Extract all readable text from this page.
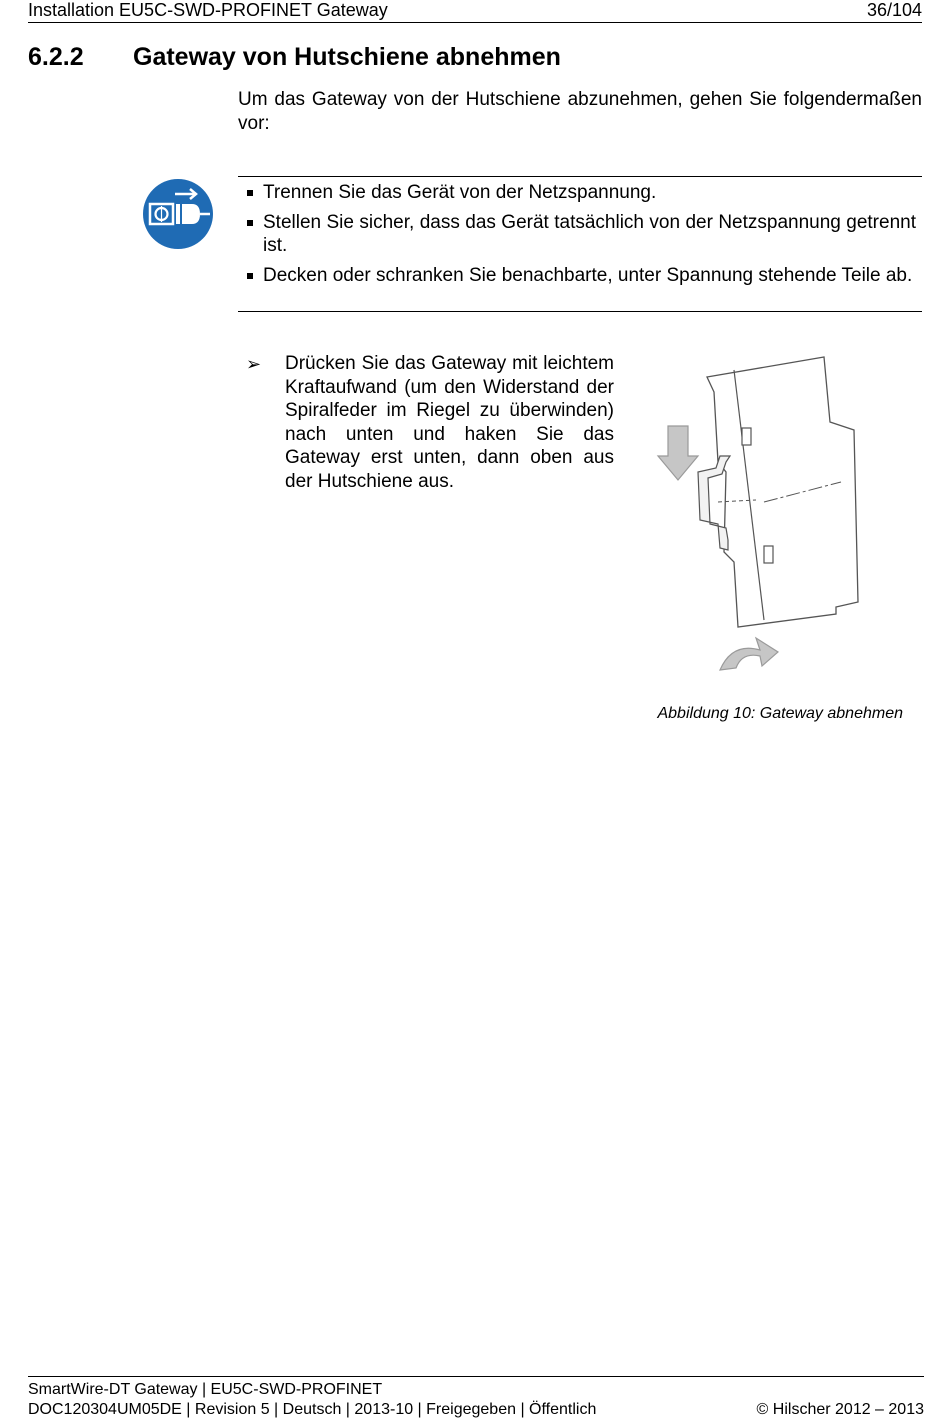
Installation EU5C-SWD-PROFINET Gateway	36/104
6.2.2 Gateway von Hutschiene abnehmen
Um das Gateway von der Hutschiene abzunehmen, gehen Sie folgendermaßen vor:
Trennen Sie das Gerät von der Netzspannung.
Stellen Sie sicher, dass das Gerät tatsächlich von der Netzspannung getrennt ist.
Decken oder schranken Sie benachbarte, unter Spannung stehende Teile ab.
➢ Drücken Sie das Gateway mit leichtem Kraftaufwand (um den Widerstand der Spiralfeder im Riegel zu überwinden) nach unten und haken Sie das Gateway erst unten, dann oben aus der Hutschiene aus.
Abbildung 10: Gateway abnehmen
SmartWire-DT Gateway | EU5C-SWD-PROFINET
DOC120304UM05DE | Revision 5 | Deutsch | 2013-10 | Freigegeben | Öffentlich	© Hilscher 2012 – 2013
